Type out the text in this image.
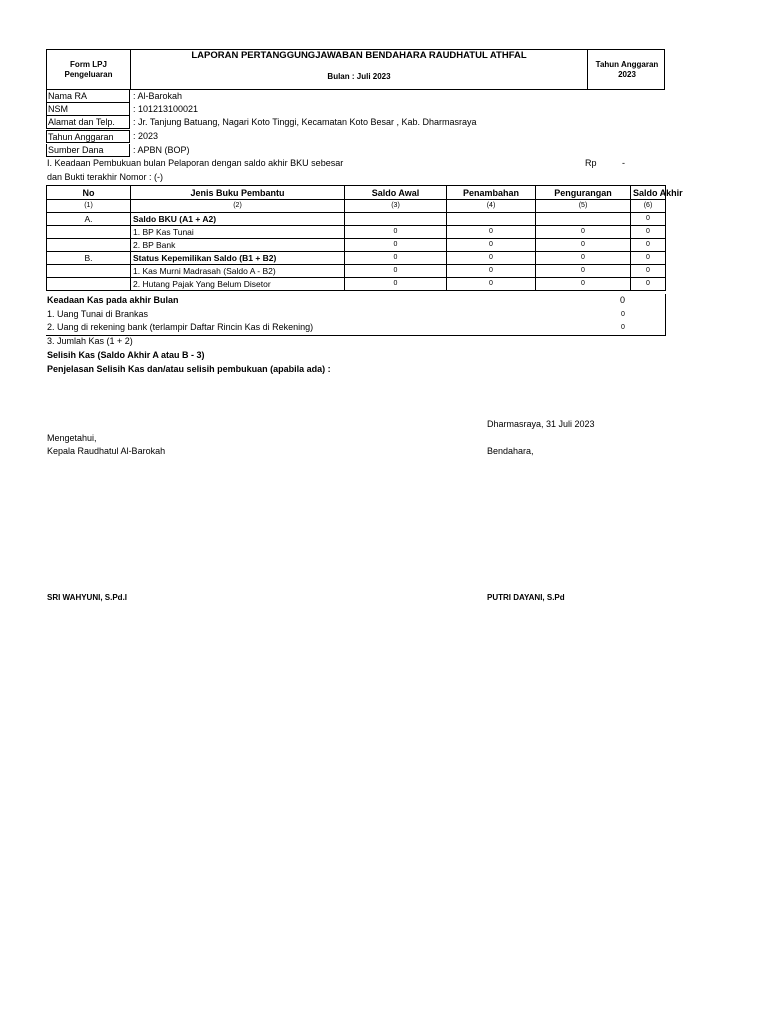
Form LPJ Pengeluaran
LAPORAN PERTANGGUNGJAWABAN BENDAHARA RAUDHATUL ATHFAL
Bulan : Juli 2023
Tahun Anggaran 2023
Nama RA	: Al-Barokah
NSM	: 101213100021
Alamat dan Telp.	: Jr. Tanjung Batuang, Nagari Koto Tinggi, Kecamatan Koto Besar , Kab. Dharmasraya
Tahun Anggaran	: 2023
Sumber Dana	: APBN (BOP)
I. Keadaan Pembukuan bulan Pelaporan dengan saldo akhir BKU sebesar	Rp	-
dan Bukti terakhir Nomor : (-)
No	Jenis Buku Pembantu	Saldo Awal	Penambahan	Pengurangan	Saldo Akhir
(1)	(2)	(3)	(4)	(5)	(6)
A.	Saldo BKU (A1 + A2)				0
	1. BP Kas Tunai	0	0	0	0
	2. BP Bank	0	0	0	0
B.	Status Kepemilikan Saldo (B1 + B2)	0	0	0	0
	1. Kas Murni Madrasah (Saldo A - B2)	0	0	0	0
	2. Hutang Pajak Yang Belum Disetor	0	0	0	0
Keadaan Kas pada akhir Bulan	0
1. Uang Tunai di Brankas	0
2. Uang di rekening bank (terlampir Daftar Rincin Kas di Rekening)	0
3. Jumlah Kas (1 + 2)
Selisih Kas (Saldo Akhir A atau B - 3)
Penjelasan Selisih Kas dan/atau selisih pembukuan (apabila ada) :
Dharmasraya, 31 Juli 2023
Mengetahui,
Kepala Raudhatul Al-Barokah	Bendahara,
SRI WAHYUNI, S.Pd.I	PUTRI DAYANI, S.Pd
